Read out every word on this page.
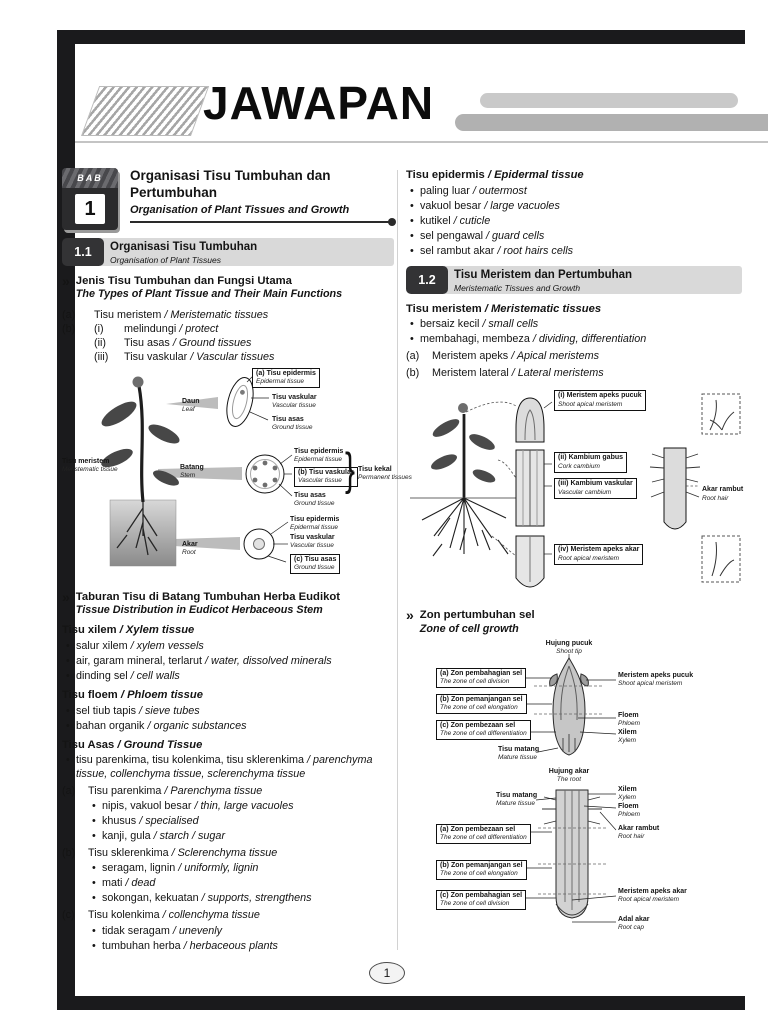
JAWAPAN
BAB
1
Organisasi Tisu Tumbuhan dan
Pertumbuhan
Organisation of Plant Tissues and Growth
1.1	Organisasi Tisu Tumbuhan
Organisation of Plant Tissues
» Jenis Tisu Tumbuhan dan Fungsi Utama
The Types of Plant Tissue and Their Main Functions
(a)	Tisu meristem / Meristematic tissues
(b)	(i)	melindungi / protect
(ii)	Tisu asas / Ground tissues
(iii)	Tisu vaskular / Vascular tissues
(a) Tisu epidermis
Epidermal tissue
Daun
Leaf
Tisu vaskular
Vascular tissue
Tisu asas
Ground tissue
Tisu meristem
Meristematic tissue	Batang
Stem
Tisu epidermis
Epidermal tissue
(b) Tisu vaskular
Vascular tissue
Tisu asas
Ground tissue
} Tisu kekal
Permanent tissues
Akar
Root
Tisu epidermis
Epidermal tissue
Tisu vaskular
Vascular tissue
(c) Tisu asas
Ground tissue
» Taburan Tisu di Batang Tumbuhan Herba Eudikot
Tissue Distribution in Eudicot Herbaceous Stem
Tisu xilem / Xylem tissue
• salur xilem / xylem vessels
• air, garam mineral, terlarut / water, dissolved minerals
• dinding sel / cell walls
Tisu floem / Phloem tissue
• sel tiub tapis / sieve tubes
• bahan organik / organic substances
Tisu Asas / Ground Tissue
• tisu parenkima, tisu kolenkima, tisu sklerenkima / parenchyma tissue, collenchyma tissue, sclerenchyma tissue
(a)	Tisu parenkima / Parenchyma tissue
• nipis, vakuol besar / thin, large vacuoles
• khusus / specialised
• kanji, gula / starch / sugar
(b)	Tisu sklerenkima / Sclerenchyma tissue
• seragam, lignin / uniformly, lignin
• mati / dead
• sokongan, kekuatan / supports, strengthens
(c)	Tisu kolenkima / collenchyma tissue
• tidak seragam / unevenly
• tumbuhan herba / herbaceous plants
Tisu epidermis / Epidermal tissue
• paling luar / outermost
• vakuol besar / large vacuoles
• kutikel / cuticle
• sel pengawal / guard cells
• sel rambut akar / root hairs cells
1.2	Tisu Meristem dan Pertumbuhan
Meristematic Tissues and Growth
Tisu meristem / Meristematic tissues
• bersaiz kecil / small cells
• membahagi, membeza / dividing, differentiation
(a)	Meristem apeks / Apical meristems
(b)	Meristem lateral / Lateral meristems
(i) Meristem apeks pucuk
Shoot apical meristem
(ii) Kambium gabus
Cork cambium
(iii) Kambium vaskular
Vascular cambium	Akar rambut
Root hair
(iv) Meristem apeks akar
Root apical meristem
» Zon pertumbuhan sel
Zone of cell growth
Hujung pucuk
Shoot tip
(a) Zon pembahagian sel
The zone of cell division
(b) Zon pemanjangan sel
The zone of cell elongation
(c) Zon pembezaan sel
The zone of cell differentiation
Meristem apeks pucuk
Shoot apical meristem
Floem
Phloem
Xilem
Xylem
Tisu matang
Mature tissue
Hujung akar
The root
Tisu matang
Mature tissue
(a) Zon pembezaan sel
The zone of cell differentiation
(b) Zon pemanjangan sel
The zone of cell elongation
(c) Zon pembahagian sel
The zone of cell division
Xilem
Xylem
Floem
Phloem
Akar rambut
Root hair
Meristem apeks akar
Root apical meristem
Adal akar
Root cap
1
